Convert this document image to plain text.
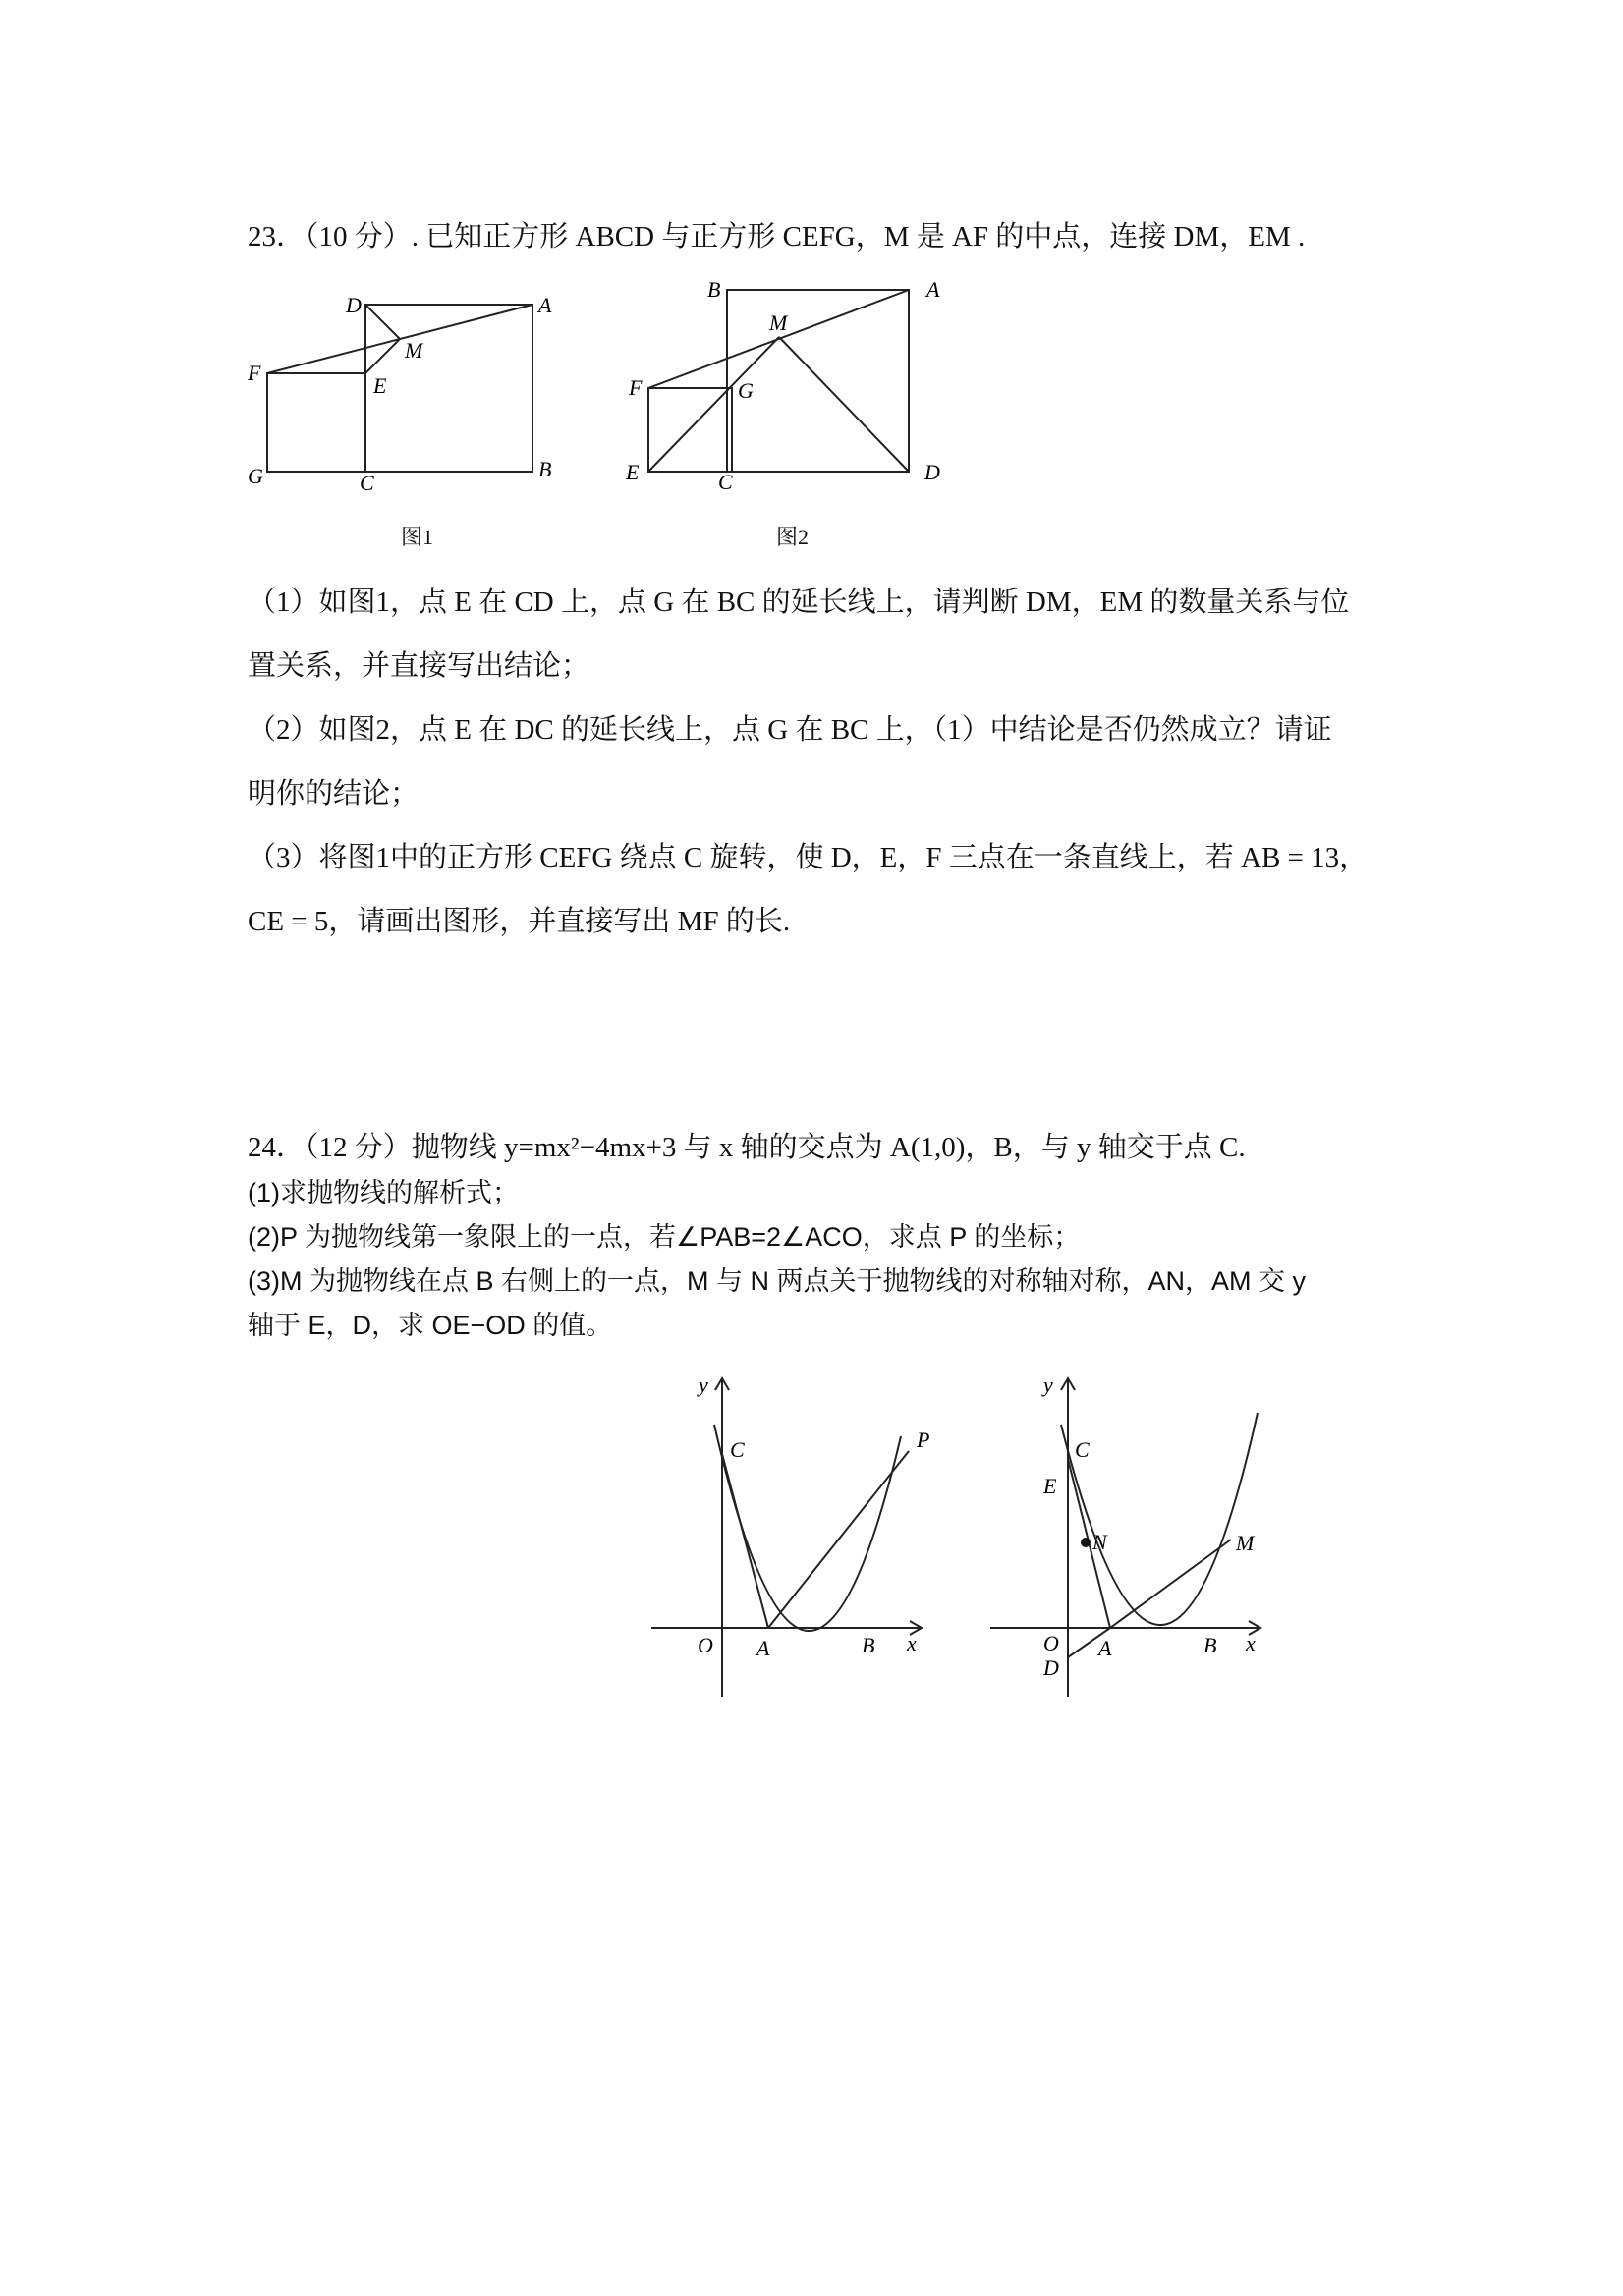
23．（10 分）. 已知正方形 ABCD 与正方形 CEFG，M 是 AF 的中点，连接 DM，EM .
D	A
M
F
E
G	C
B
图1
B	A
M
F	G
E	C	D
图2
（1）如图1，点 E 在 CD 上，点 G 在 BC 的延长线上，请判断 DM，EM 的数量关系与位
置关系，并直接写出结论；
（2）如图2，点 E 在 DC 的延长线上，点 G 在 BC 上，（1）中结论是否仍然成立？请证
明你的结论；
（3）将图1中的正方形 CEFG 绕点 C 旋转，使 D，E，F 三点在一条直线上，若 AB = 13，
CE = 5，请画出图形，并直接写出 MF 的长.
24．（12 分）抛物线 y=mx²−4mx+3 与 x 轴的交点为 A(1,0)，B，与 y 轴交于点 C.
(1)求抛物线的解析式；
(2)P 为抛物线第一象限上的一点，若∠PAB=2∠ACO，求点 P 的坐标；
(3)M 为抛物线在点 B 右侧上的一点，M 与 N 两点关于抛物线的对称轴对称，AN，AM 交 y
轴于 E，D，求 OE−OD 的值。
y
C	P
O A	B x
y
C
E
N	M
O
D
A	B x
